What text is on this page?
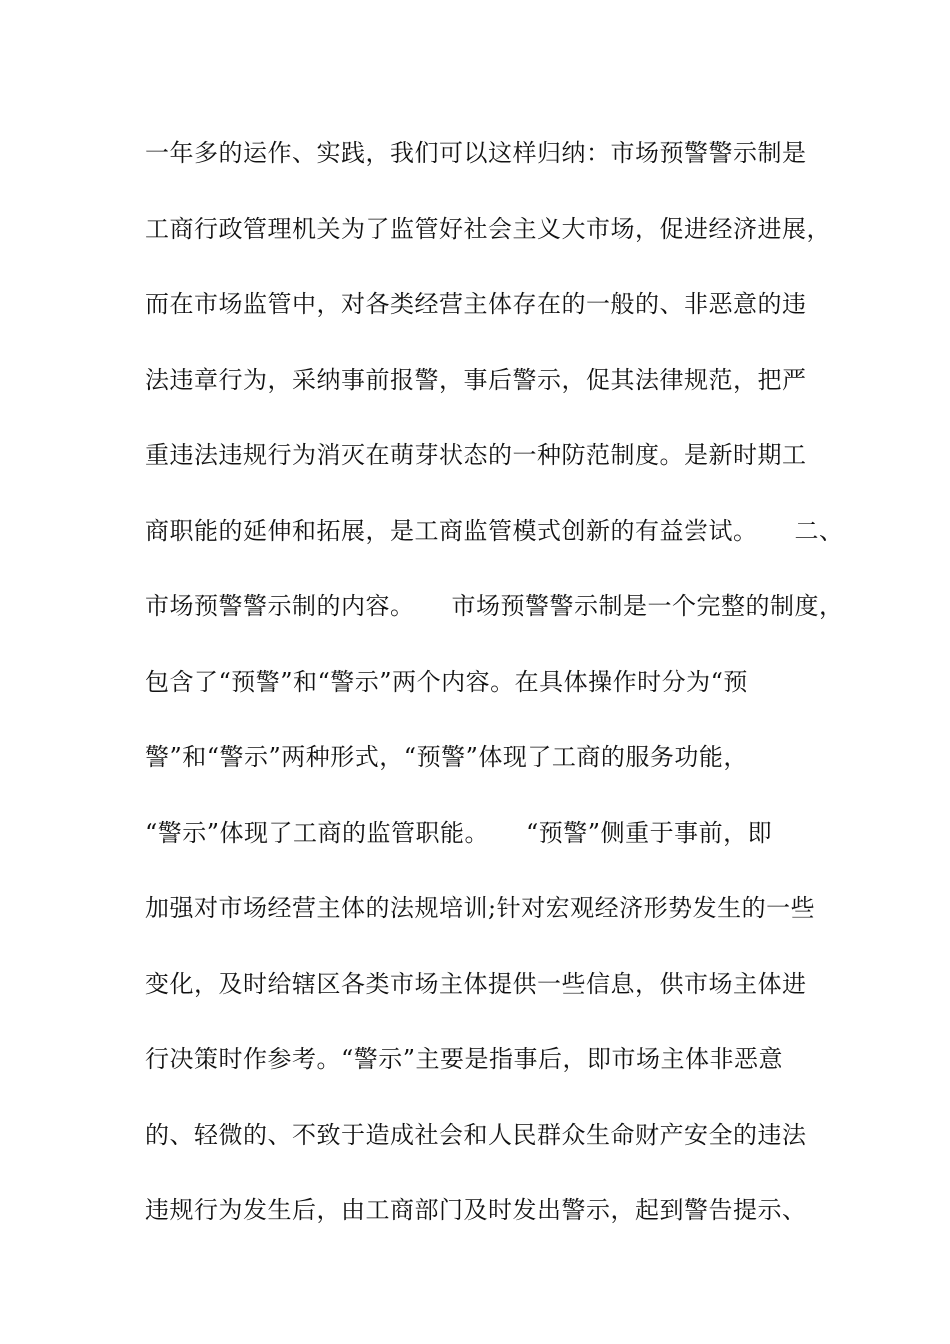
一年多的运作、实践，我们可以这样归纳：市场预警警示制是
工商行政管理机关为了监管好社会主义大市场，促进经济进展，
而在市场监管中，对各类经营主体存在的一般的、非恶意的违
法违章行为，采纳事前报警，事后警示，促其法律规范，把严
重违法违规行为消灭在萌芽状态的一种防范制度。是新时期工
商职能的延伸和拓展，是工商监管模式创新的有益尝试。　　二、
市场预警警示制的内容。　　市场预警警示制是一个完整的制度，
包含了“预警”和“警示”两个内容。在具体操作时分为“预
警”和“警示”两种形式，“预警”体现了工商的服务功能，
“警示”体现了工商的监管职能。　　“预警”侧重于事前，即
加强对市场经营主体的法规培训;针对宏观经济形势发生的一些
变化，及时给辖区各类市场主体提供一些信息，供市场主体进
行决策时作参考。“警示”主要是指事后，即市场主体非恶意
的、轻微的、不致于造成社会和人民群众生命财产安全的违法
违规行为发生后，由工商部门及时发出警示，起到警告提示、
